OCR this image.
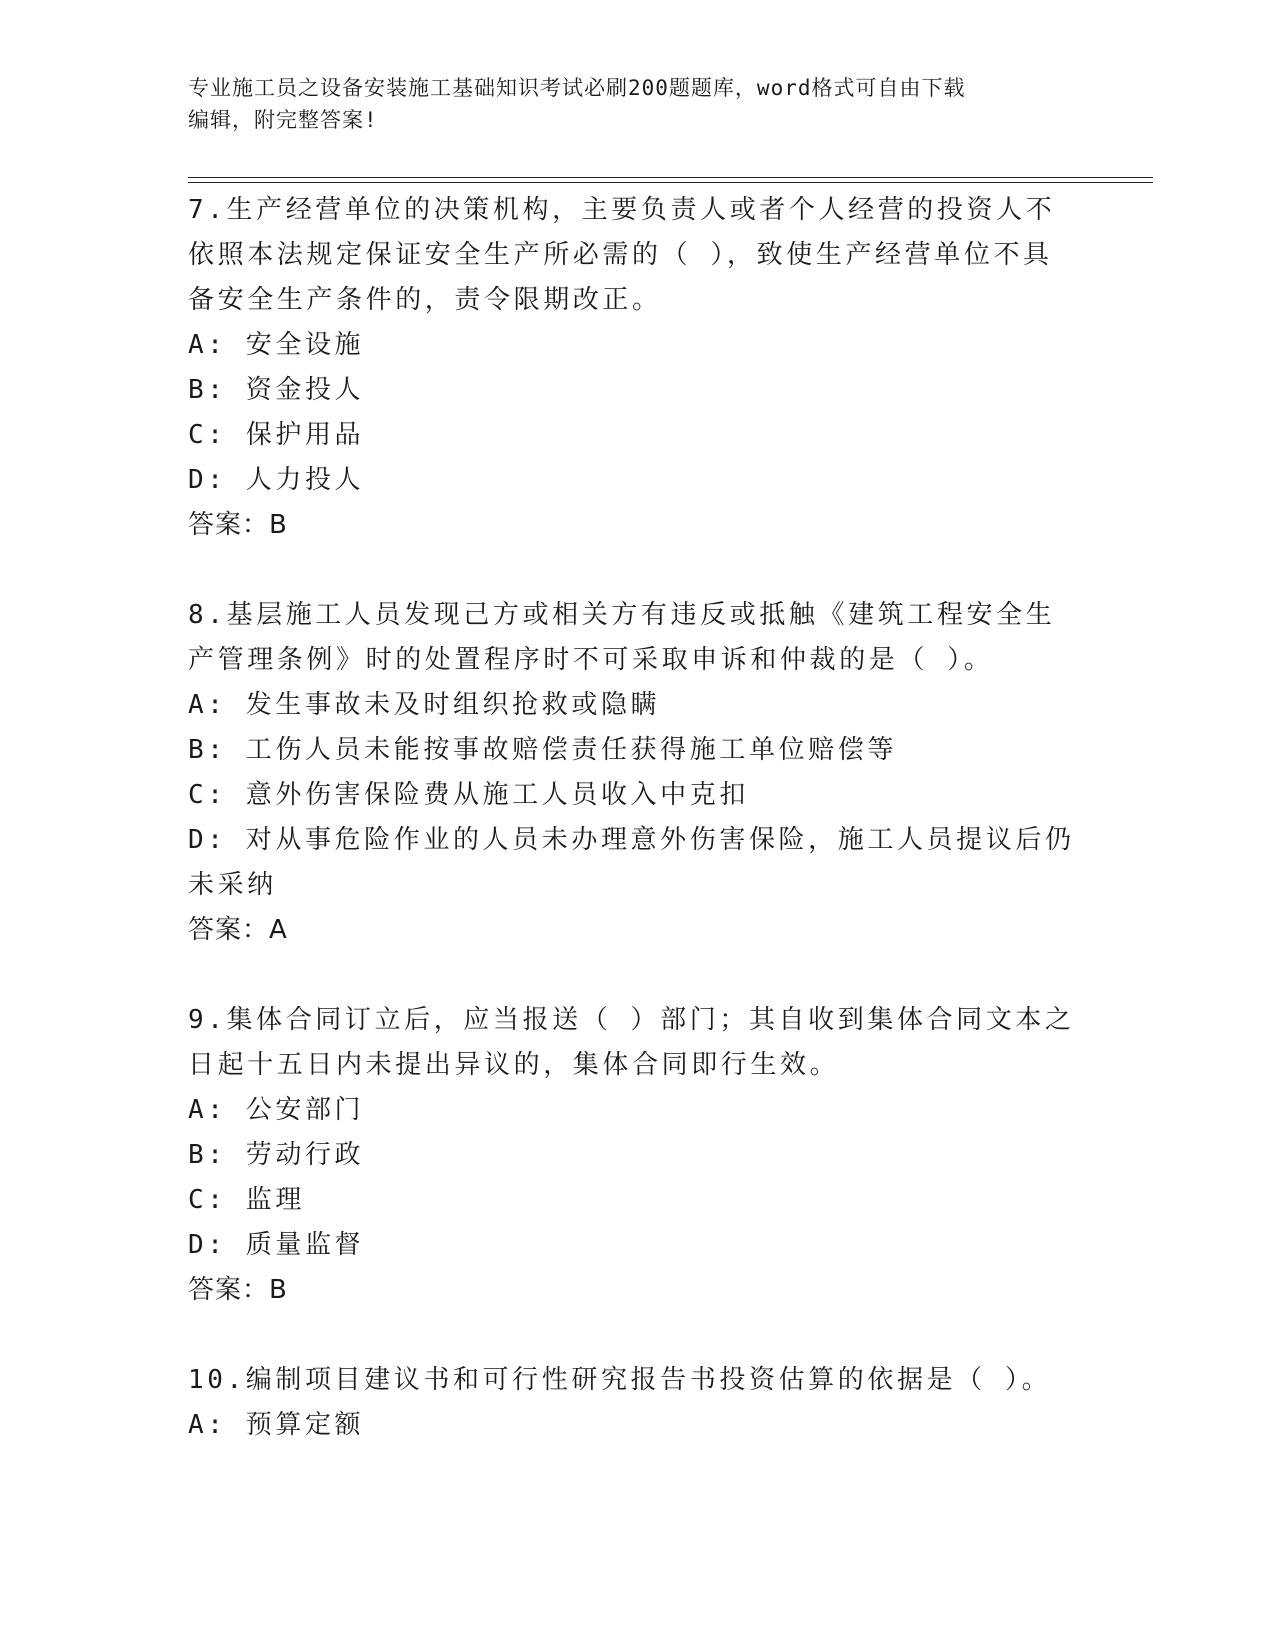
专业施工员之设备安装施工基础知识考试必刷200题题库，word格式可自由下载
编辑，附完整答案!

7.生产经营单位的决策机构，主要负责人或者个人经营的投资人不依照本法规定保证安全生产所必需的（ ），致使生产经营单位不具备安全生产条件的，责令限期改正。

A: 安全设施

B: 资金投人

C: 保护用品

D: 人力投人

答案：B

8.基层施工人员发现己方或相关方有违反或抵触《建筑工程安全生产管理条例》时的处置程序时不可采取申诉和仲裁的是（ ）。

A: 发生事故未及时组织抢救或隐瞒

B: 工伤人员未能按事故赔偿责任获得施工单位赔偿等

C: 意外伤害保险费从施工人员收入中克扣

D: 对从事危险作业的人员未办理意外伤害保险，施工人员提议后仍未采纳

答案：A

9.集体合同订立后，应当报送（ ）部门；其自收到集体合同文本之日起十五日内未提出异议的，集体合同即行生效。

A: 公安部门

B: 劳动行政

C: 监理

D: 质量监督

答案：B

10.编制项目建议书和可行性研究报告书投资估算的依据是（ ）。

A: 预算定额
